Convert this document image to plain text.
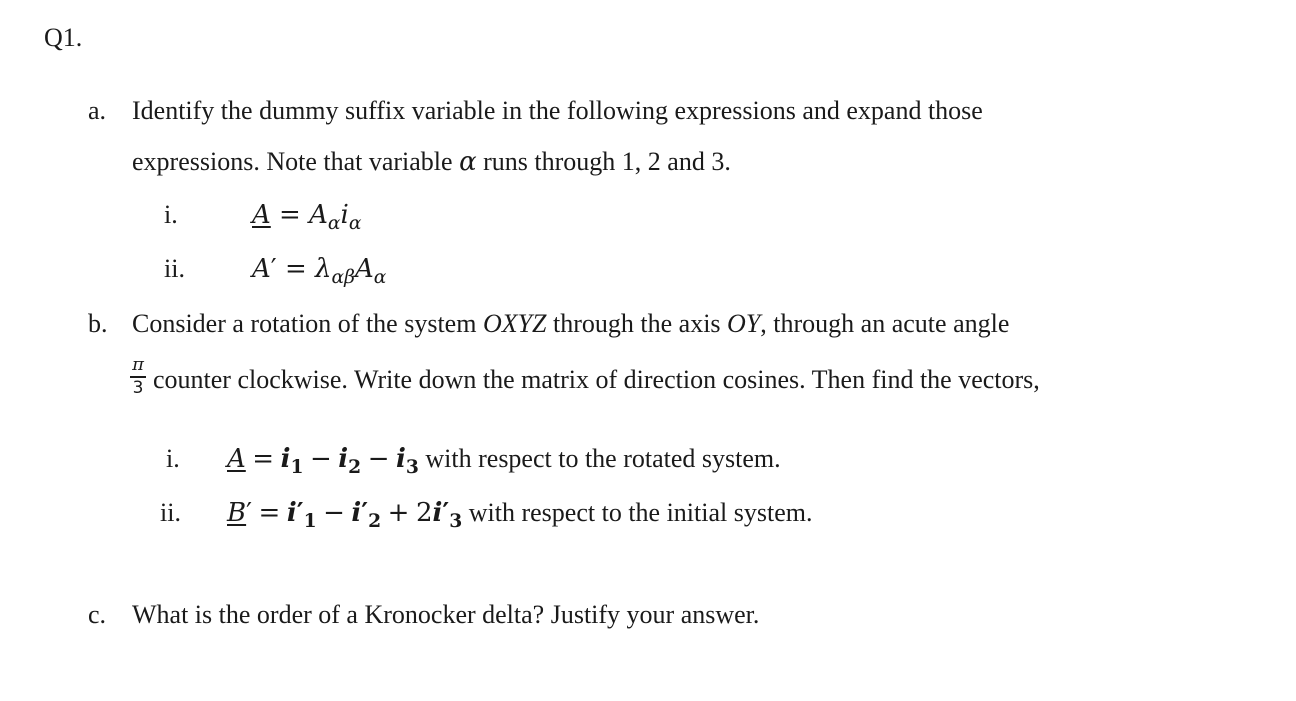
Q1.
a. Identify the dummy suffix variable in the following expressions and expand those
expressions. Note that variable α runs through 1, 2 and 3.
i.	$A = A_\alpha i_\alpha$
ii.	$A' = \lambda_{\alpha\beta}A_\alpha$
b. Consider a rotation of the system OXYZ through the axis OY, through an acute angle
π
3 counter clockwise. Write down the matrix of direction cosines. Then find the vectors,
i. $A = i_1 - i_2 - i_3$ with respect to the rotated system.
ii. $B' = i'_1 - i'_2 + 2i'_3$ with respect to the initial system.
c. What is the order of a Kronocker delta? Justify your answer.
